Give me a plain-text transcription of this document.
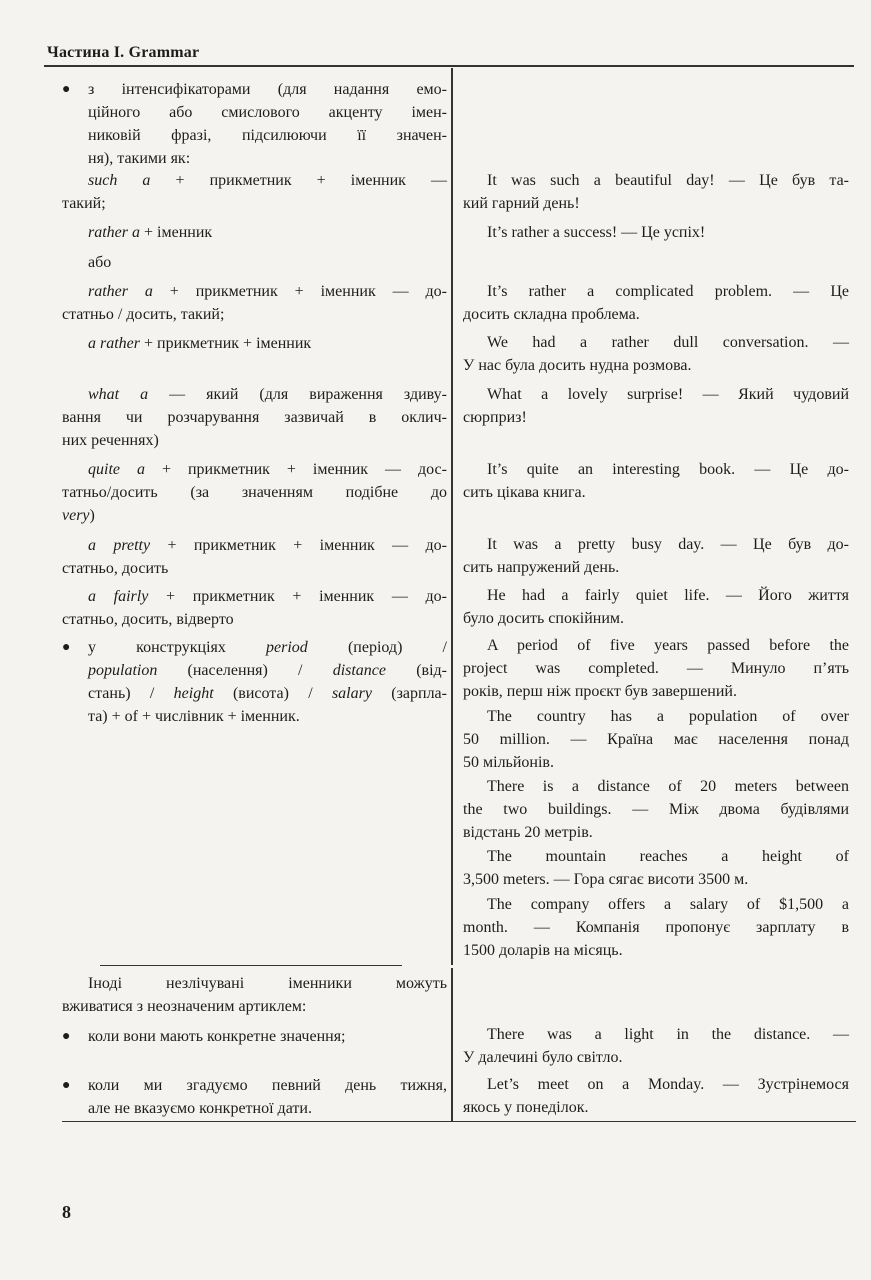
Частина I. Grammar
● з інтенсифікаторами (для надання емо-
ційного або смислового акценту імен-
никовій фразі, підсилюючи її значен-
ня), такими як:
such a + прикметник + іменник —
такий;
rather a + іменник
або
rather a + прикметник + іменник — до-
статньо / досить, такий;
a rather + прикметник + іменник
what a — який (для вираження здиву-
вання чи розчарування зазвичай в оклич-
них реченнях)
quite a + прикметник + іменник — дос-
татньо/досить (за значенням подібне до
very)
a pretty + прикметник + іменник — до-
статньо, досить
a fairly + прикметник + іменник — до-
статньо, досить, відверто
● у конструкціях period (період) /
population (населення) / distance (від-
стань) / height (висота) / salary (зарпла-
та) + of + числівник + іменник.
Іноді незлічувані іменники можуть
вживатися з неозначеним артиклем:
● коли вони мають конкретне значення;
● коли ми згадуємо певний день тижня,
але не вказуємо конкретної дати.
It was such a beautiful day! — Це був та-
кий гарний день!
It’s rather a success! — Це успіх!
It’s rather a complicated problem. — Це
досить складна проблема.
We had a rather dull conversation. —
У нас була досить нудна розмова.
What a lovely surprise! — Який чудовий
сюрприз!
It’s quite an interesting book. — Це до-
сить цікава книга.
It was a pretty busy day. — Це був до-
сить напружений день.
He had a fairly quiet life. — Його життя
було досить спокійним.
A period of five years passed before the
project was completed. — Минуло п’ять
років, перш ніж проєкт був завершений.
The country has a population of over
50 million. — Країна має населення понад
50 мільйонів.
There is a distance of 20 meters between
the two buildings. — Між двома будівлями
відстань 20 метрів.
The mountain reaches a height of
3,500 meters. — Гора сягає висоти 3500 м.
The company offers a salary of $1,500 a
month. — Компанія пропонує зарплату в
1500 доларів на місяць.
There was a light in the distance. —
У далечині було світло.
Let’s meet on a Monday. — Зустрінемося
якось у понеділок.
8
